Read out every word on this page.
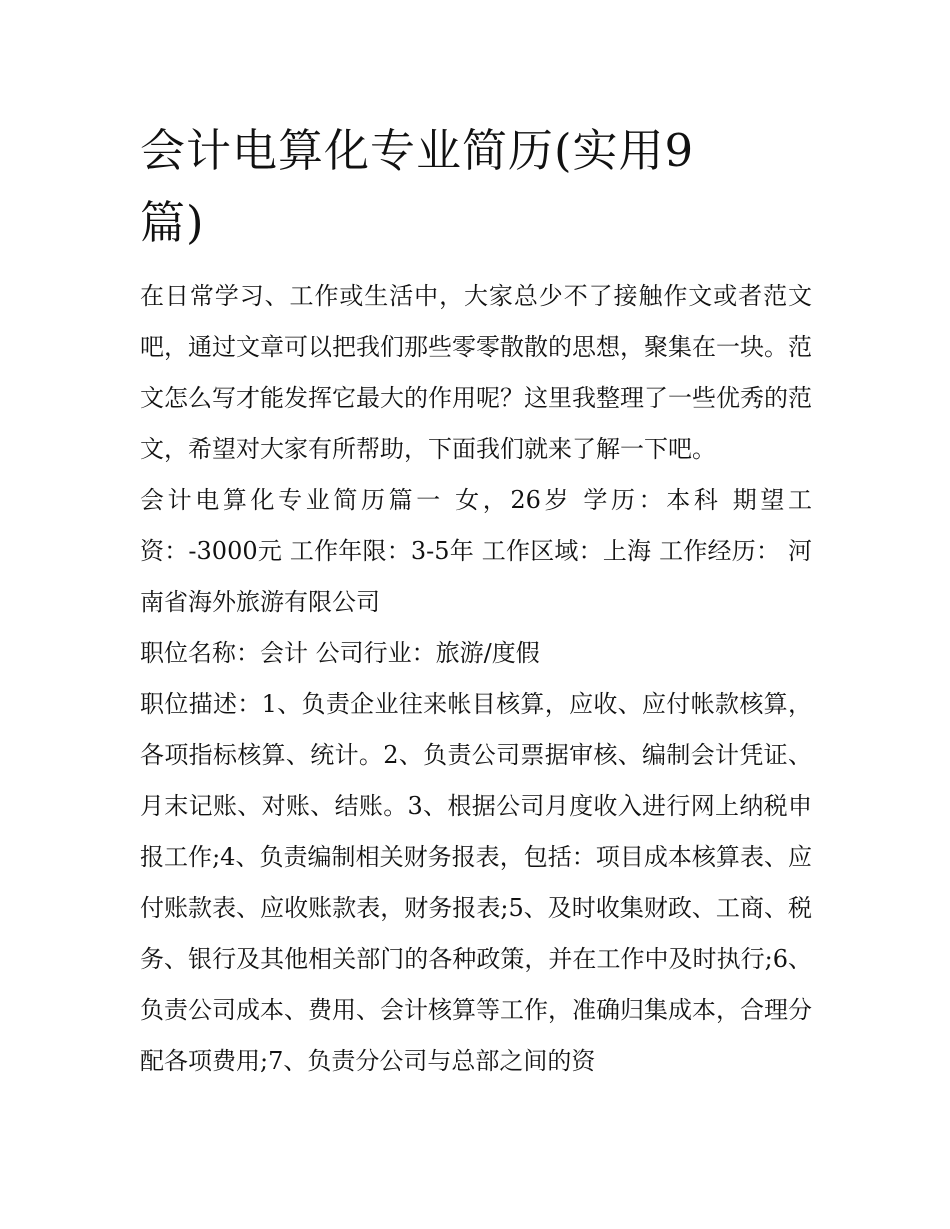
会计电算化专业简历(实用9篇)

在日常学习、工作或生活中，大家总少不了接触作文或者范文吧，通过文章可以把我们那些零零散散的思想，聚集在一块。范文怎么写才能发挥它最大的作用呢？这里我整理了一些优秀的范文，希望对大家有所帮助，下面我们就来了解一下吧。

会计电算化专业简历篇一 女，26岁 学历：本科 期望工资：-3000元 工作年限：3-5年 工作区域：上海 工作经历： 河南省海外旅游有限公司

职位名称：会计 公司行业：旅游/度假

职位描述：1、负责企业往来帐目核算，应收、应付帐款核算，各项指标核算、统计。2、负责公司票据审核、编制会计凭证、月末记账、对账、结账。3、根据公司月度收入进行网上纳税申报工作;4、负责编制相关财务报表，包括：项目成本核算表、应付账款表、应收账款表，财务报表;5、及时收集财政、工商、税务、银行及其他相关部门的各种政策，并在工作中及时执行;6、负责公司成本、费用、会计核算等工作，准确归集成本，合理分配各项费用;7、负责分公司与总部之间的资
